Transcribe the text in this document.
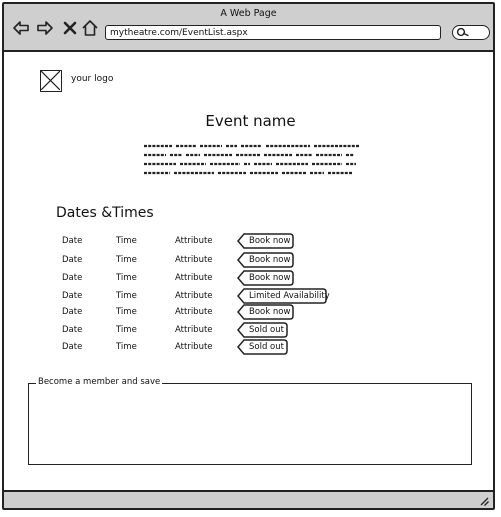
A Web Page
mytheatre.com/EventList.aspx
your logo
Event name
Dates &Times
Date	Time	Attribute	Book now
Date	Time	Attribute	Book now
Date	Time	Attribute	Book now
Date	Time	Attribute	Limited Availability
Date	Time	Attribute	Book now
Date	Time	Attribute	Sold out
Date	Time	Attribute	Sold out
Become a member and save
